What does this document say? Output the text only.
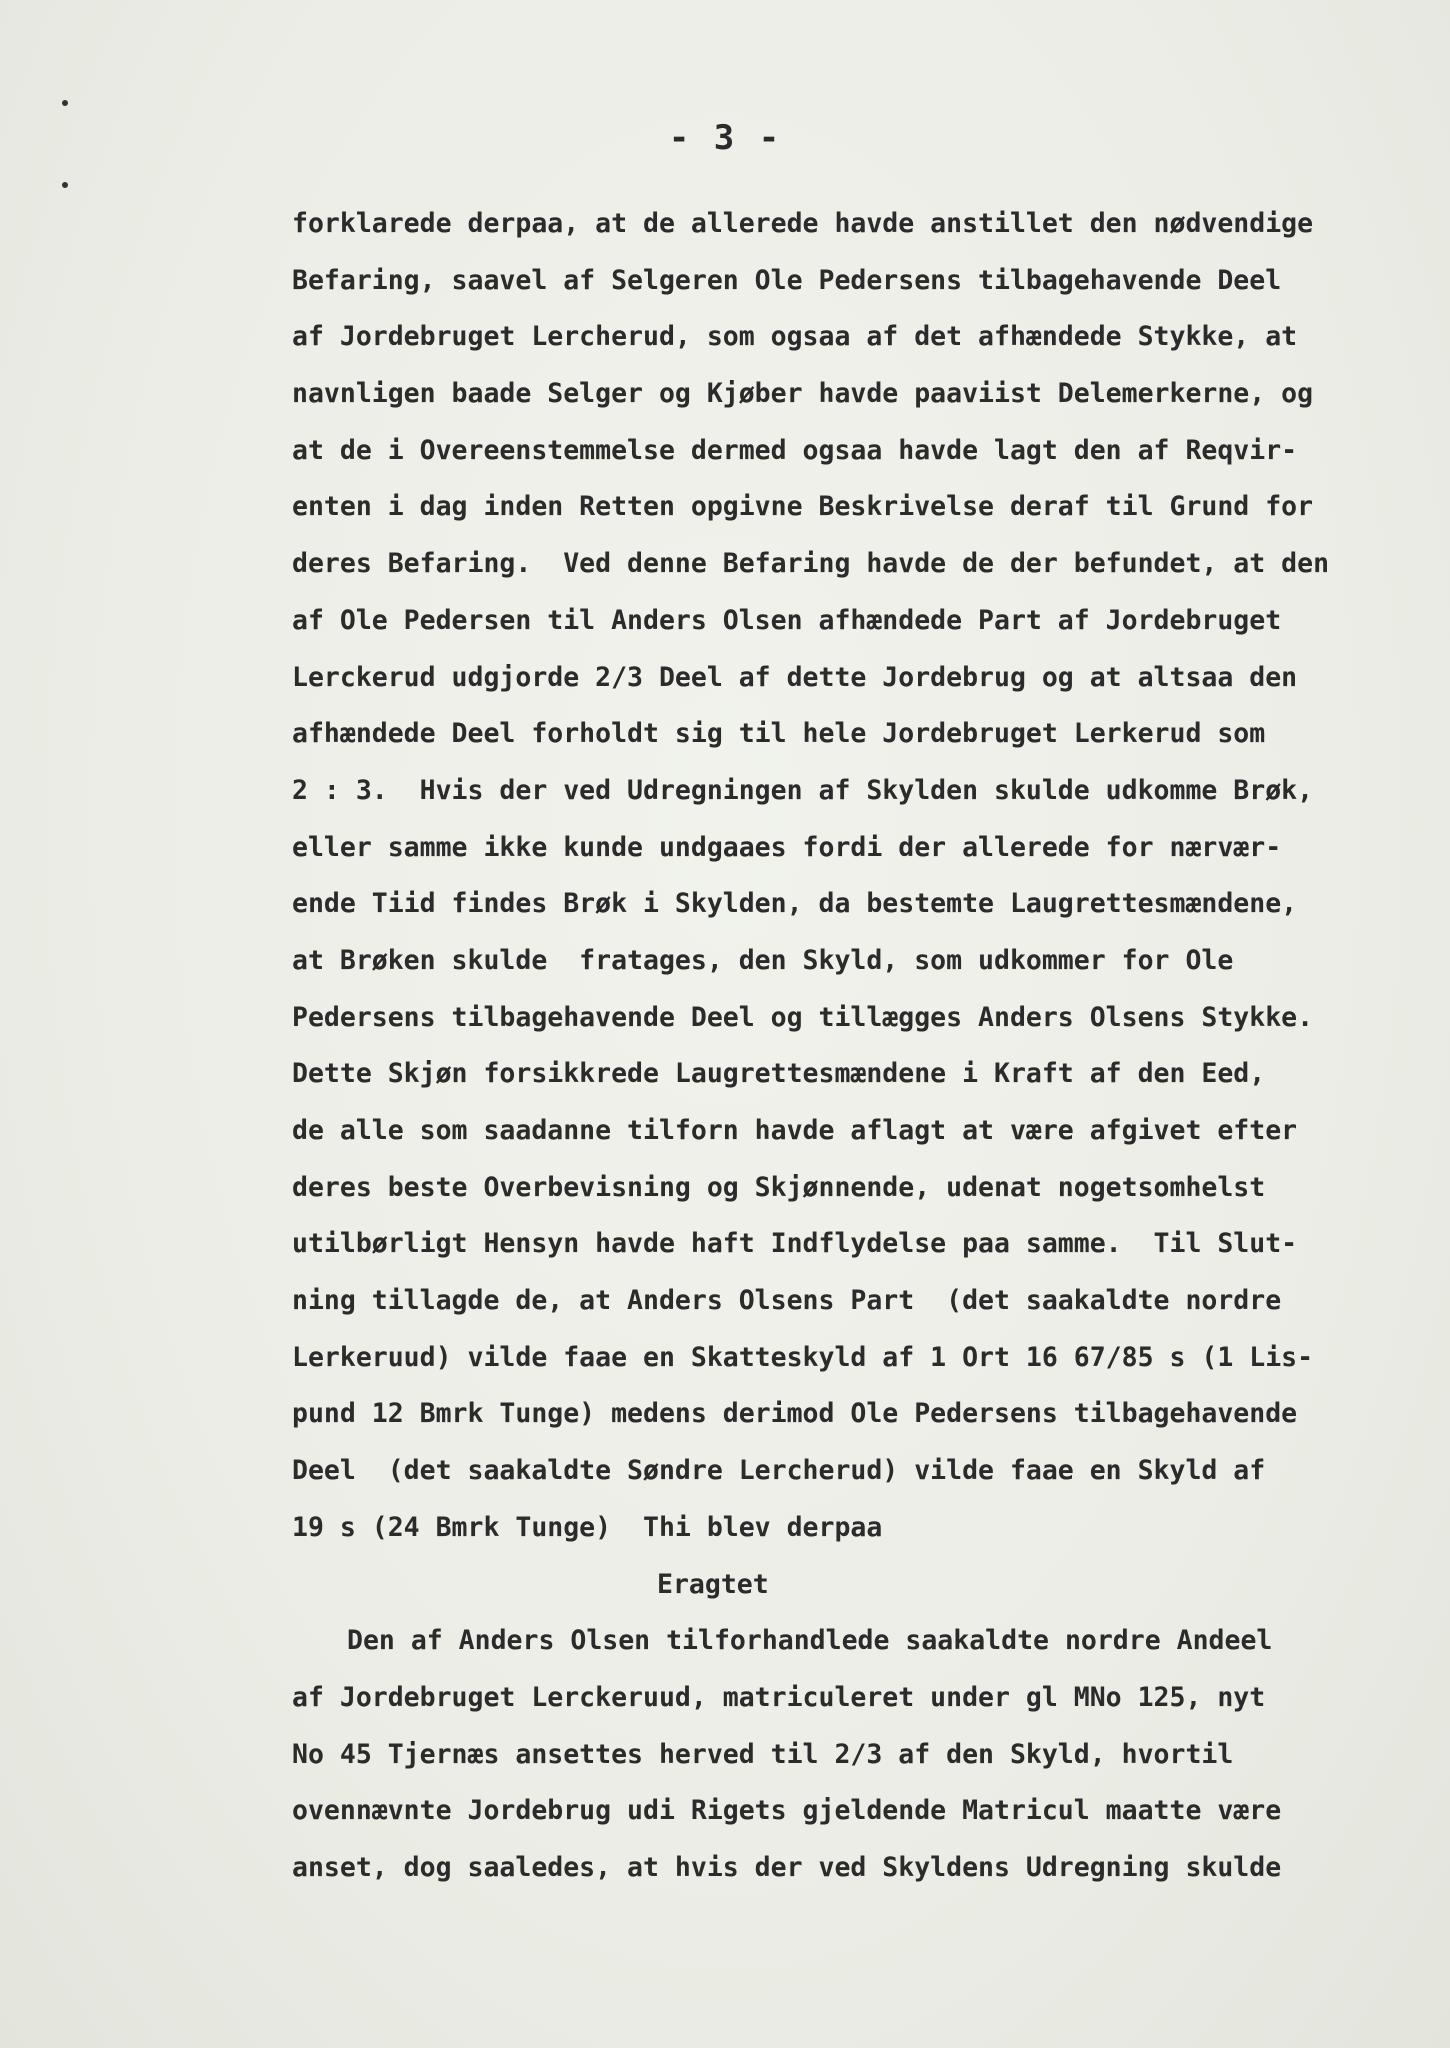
- 3 -
forklarede derpaa, at de allerede havde anstillet den nødvendige
Befaring, saavel af Selgeren Ole Pedersens tilbagehavende Deel
af Jordebruget Lercherud, som ogsaa af det afhændede Stykke, at
navnligen baade Selger og Kjøber havde paaviist Delemerkerne, og
at de i Overeenstemmelse dermed ogsaa havde lagt den af Reqvir-
enten i dag inden Retten opgivne Beskrivelse deraf til Grund for
deres Befaring.  Ved denne Befaring havde de der befundet, at den
af Ole Pedersen til Anders Olsen afhændede Part af Jordebruget
Lerckerud udgjorde 2/3 Deel af dette Jordebrug og at altsaa den
afhændede Deel forholdt sig til hele Jordebruget Lerkerud som
2 : 3.  Hvis der ved Udregningen af Skylden skulde udkomme Brøk,
eller samme ikke kunde undgaaes fordi der allerede for nærvær-
ende Tiid findes Brøk i Skylden, da bestemte Laugrettesmændene,
at Brøken skulde  fratages, den Skyld, som udkommer for Ole
Pedersens tilbagehavende Deel og tillægges Anders Olsens Stykke.
Dette Skjøn forsikkrede Laugrettesmændene i Kraft af den Eed,
de alle som saadanne tilforn havde aflagt at være afgivet efter
deres beste Overbevisning og Skjønnende, udenat nogetsomhelst
utilbørligt Hensyn havde haft Indflydelse paa samme.  Til Slut-
ning tillagde de, at Anders Olsens Part  (det saakaldte nordre
Lerkeruud) vilde faae en Skatteskyld af 1 Ort 16 67/85 s (1 Lis-
pund 12 Bmrk Tunge) medens derimod Ole Pedersens tilbagehavende
Deel  (det saakaldte Søndre Lercherud) vilde faae en Skyld af
19 s (24 Bmrk Tunge)  Thi blev derpaa
Eragtet
Den af Anders Olsen tilforhandlede saakaldte nordre Andeel
af Jordebruget Lerckeruud, matriculeret under gl MNo 125, nyt
No 45 Tjernæs ansettes herved til 2/3 af den Skyld, hvortil
ovennævnte Jordebrug udi Rigets gjeldende Matricul maatte være
anset, dog saaledes, at hvis der ved Skyldens Udregning skulde
